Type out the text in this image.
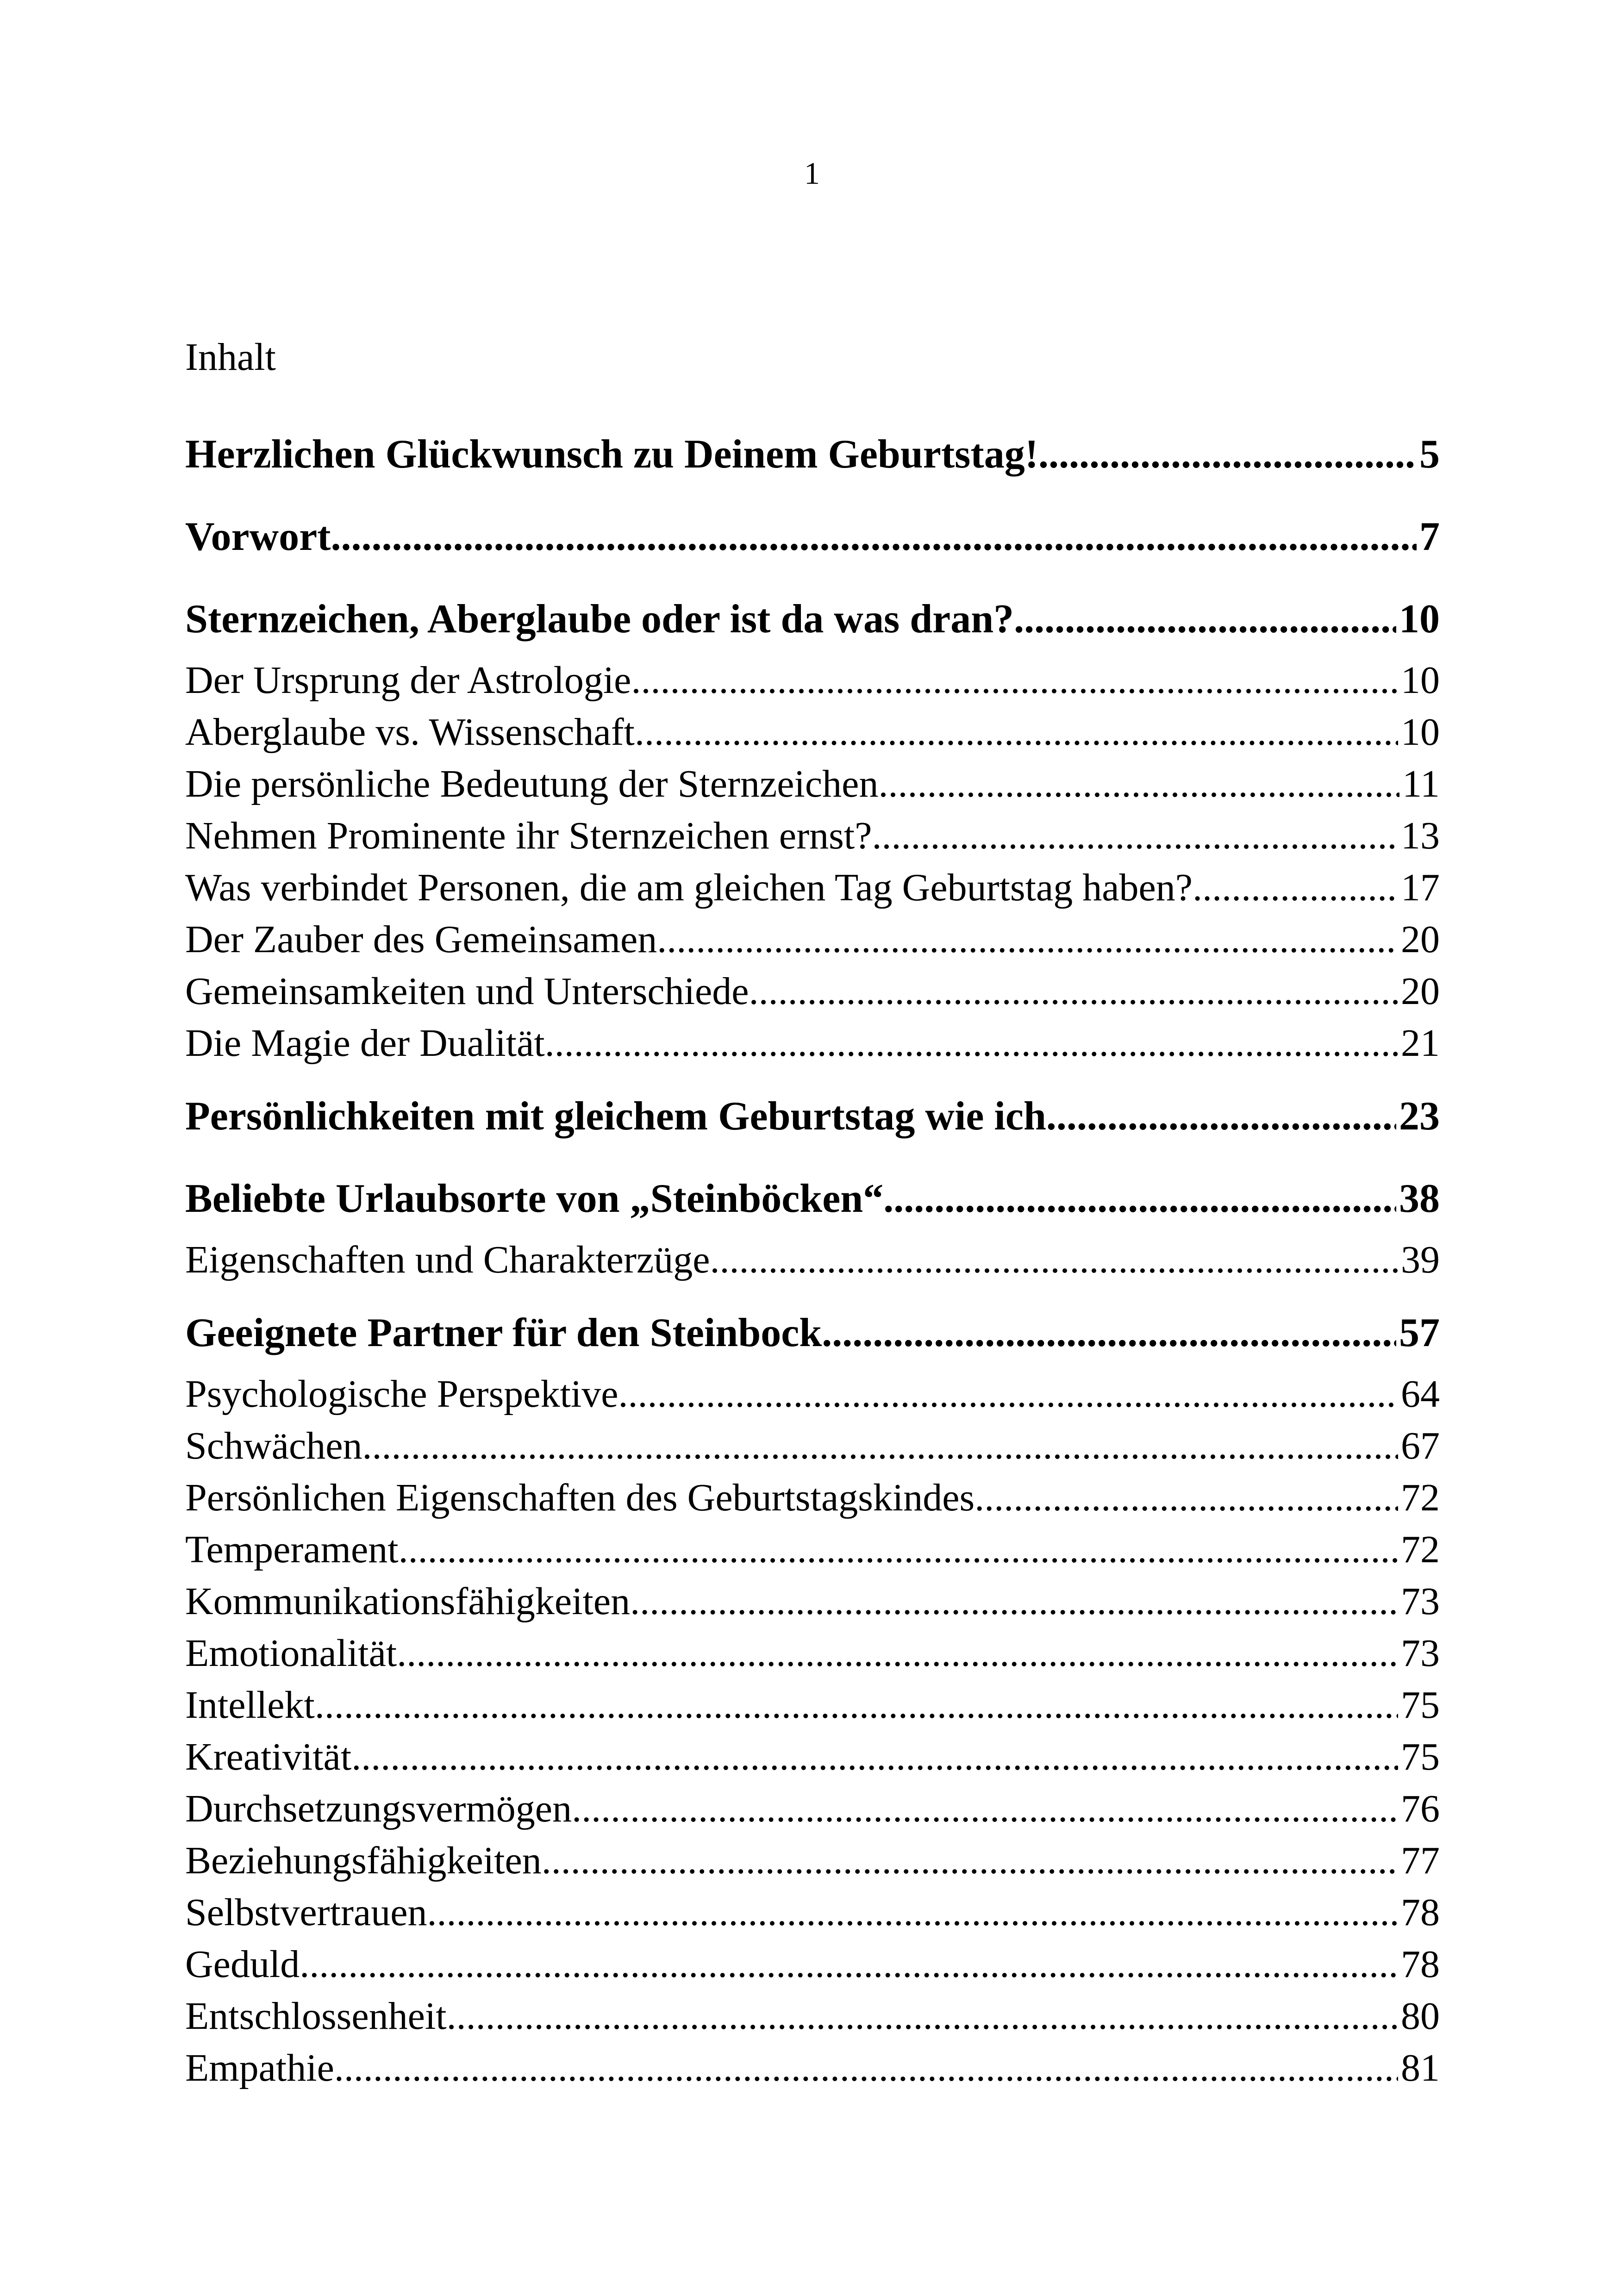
1
Inhalt
Herzlichen Glückwunsch zu Deinem Geburtstag! .....	5
Vorwort .....	7
Sternzeichen, Aberglaube oder ist da was dran? .....	10
Der Ursprung der Astrologie .....	10
Aberglaube vs. Wissenschaft .....	10
Die persönliche Bedeutung der Sternzeichen .....	11
Nehmen Prominente ihr Sternzeichen ernst? .....	13
Was verbindet Personen, die am gleichen Tag Geburtstag haben? .....	17
Der Zauber des Gemeinsamen .....	20
Gemeinsamkeiten und Unterschiede .....	20
Die Magie der Dualität .....	21
Persönlichkeiten mit gleichem Geburtstag wie ich .....	23
Beliebte Urlaubsorte von „Steinböcken“ .....	38
Eigenschaften und Charakterzüge .....	39
Geeignete Partner für den Steinbock .....	57
Psychologische Perspektive .....	64
Schwächen .....	67
Persönlichen Eigenschaften des Geburtstagskindes .....	72
Temperament .....	72
Kommunikationsfähigkeiten .....	73
Emotionalität .....	73
Intellekt .....	75
Kreativität .....	75
Durchsetzungsvermögen .....	76
Beziehungsfähigkeiten .....	77
Selbstvertrauen .....	78
Geduld .....	78
Entschlossenheit .....	80
Empathie .....	81
